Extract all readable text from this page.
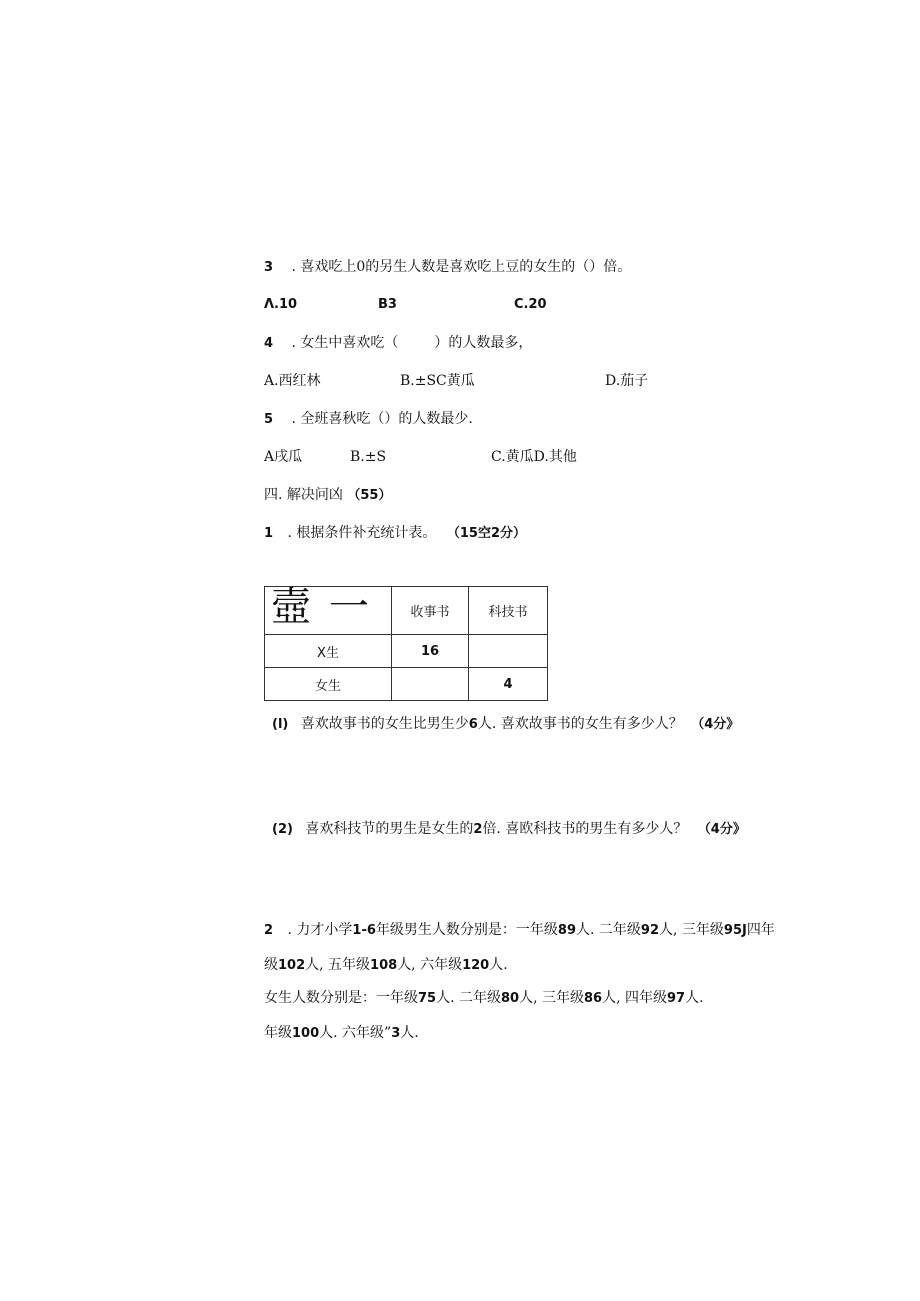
3 . 喜戏吃上0的另生人数是喜欢吃上豆的女生的（）倍。
Λ.10	B3	C.20
4 . 女生中喜欢吃（	）的人数最多，
A.西红林	B.±SC黄瓜	D.茄子
5 . 全班喜秋吃（）的人数最少.
A戌瓜	B.±S	C.黄瓜D.其他
四. 解决问凶 （55）
1 . 根据条件补充统计表。 （15空2分）
壼一	收事书	科技书
X生	16	
女生		4
(l) 喜欢故事书的女生比男生少6人. 喜欢故事书的女生有多少人？ （4分》
(2) 喜欢科技节的男生是女生的2倍. 喜欧科技书的男生有多少人？ （4分》
2 . 力才小学1-6年级男生人数分别是：一年级89人. 二年级92人, 三年级95J四年
级102人, 五年级108人, 六年级120人.
女生人数分别是：一年级75人. 二年级80人, 三年级86人, 四年级97人.
年级100人. 六年级”3人.
